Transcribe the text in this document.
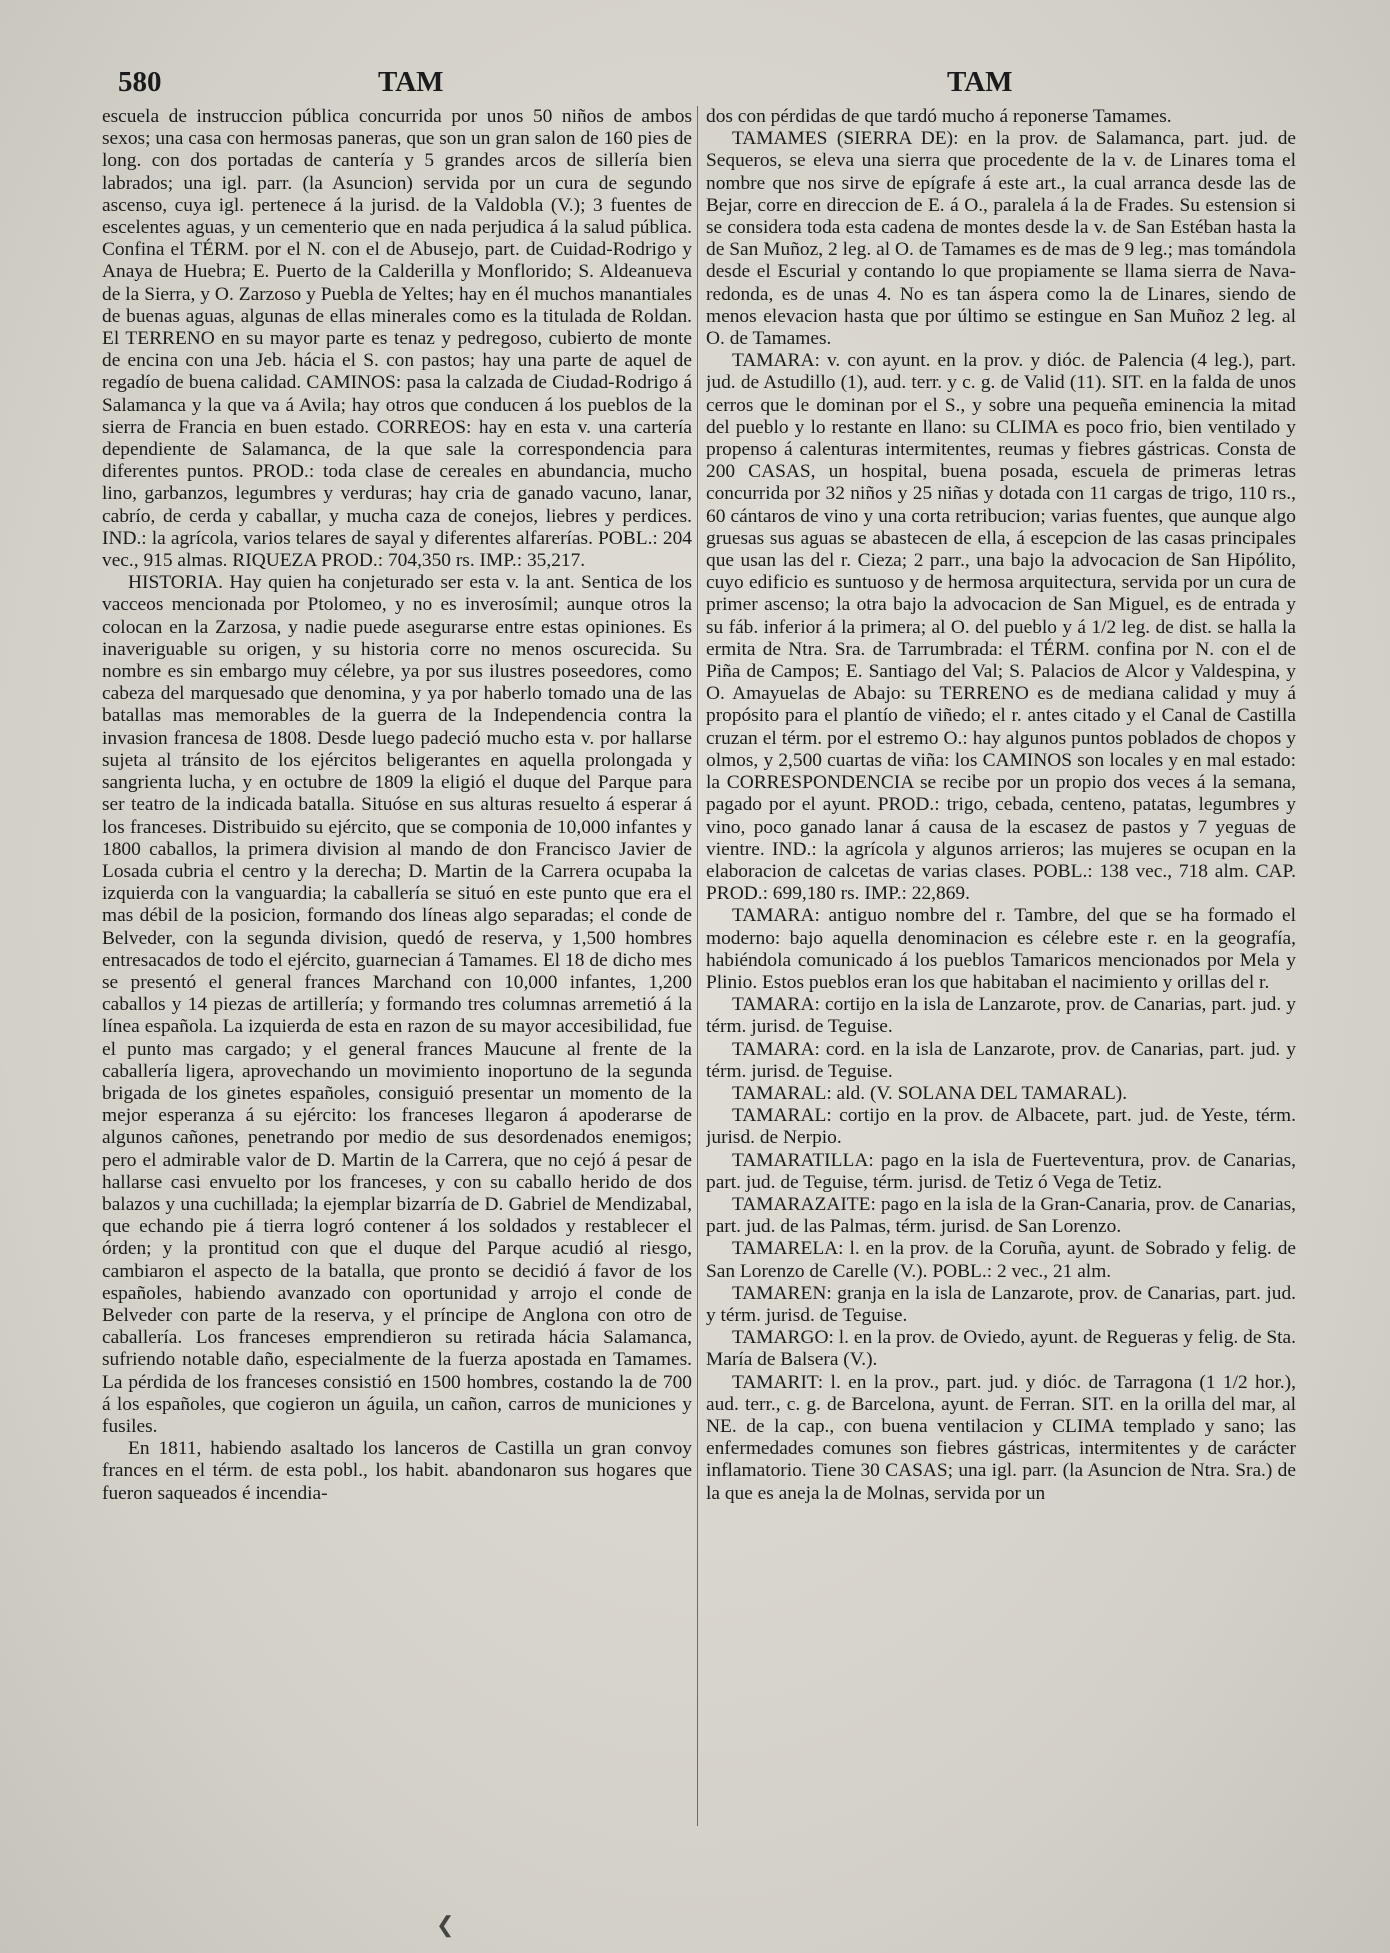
580	TAM	TAM

escuela de instruccion pública concurrida por unos 50 niños de ambos sexos; una casa con hermosas paneras, que son un gran salon de 160 pies de long. con dos portadas de cantería y 5 grandes arcos de sillería bien labrados; una igl. parr. (la Asuncion) servida por un cura de segundo ascenso, cuya igl. pertenece á la jurisd. de la Valdobla (V.); 3 fuentes de escelentes aguas, y un cementerio que en nada perjudica á la salud pública. Confina el TÉRM. por el N. con el de Abusejo, part. de Cuidad-Rodrigo y Anaya de Huebra; E. Puerto de la Calderilla y Monflorido; S. Aldeanueva de la Sierra, y O. Zarzoso y Puebla de Yeltes; hay en él muchos manantiales de buenas aguas, algunas de ellas minerales como es la titulada de Roldan. El TERRENO en su mayor parte es tenaz y pedregoso, cubierto de monte de encina con una Jeb. hácia el S. con pastos; hay una parte de aquel de regadío de buena calidad. CAMINOS: pasa la calzada de Ciudad-Rodrigo á Salamanca y la que va á Avila; hay otros que conducen á los pueblos de la sierra de Francia en buen estado. CORREOS: hay en esta v. una cartería dependiente de Salamanca, de la que sale la correspondencia para diferentes puntos. PROD.: toda clase de cereales en abundancia, mucho lino, garbanzos, legumbres y verduras; hay cria de ganado vacuno, lanar, cabrío, de cerda y caballar, y mucha caza de conejos, liebres y perdices. IND.: la agrícola, varios telares de sayal y diferentes alfarerías. POBL.: 204 vec., 915 almas. RIQUEZA PROD.: 704,350 rs. IMP.: 35,217.

HISTORIA. Hay quien ha conjeturado ser esta v. la ant. Sentica de los vacceos mencionada por Ptolomeo, y no es inverosímil; aunque otros la colocan en la Zarzosa, y nadie puede asegurarse entre estas opiniones. Es inaveriguable su origen, y su historia corre no menos oscurecida. Su nombre es sin embargo muy célebre, ya por sus ilustres poseedores, como cabeza del marquesado que denomina, y ya por haberlo tomado una de las batallas mas memorables de la guerra de la Independencia contra la invasion francesa de 1808. Desde luego padeció mucho esta v. por hallarse sujeta al tránsito de los ejércitos beligerantes en aquella prolongada y sangrienta lucha, y en octubre de 1809 la eligió el duque del Parque para ser teatro de la indicada batalla. Situóse en sus alturas resuelto á esperar á los franceses. Distribuido su ejército, que se componia de 10,000 infantes y 1800 caballos, la primera division al mando de don Francisco Javier de Losada cubria el centro y la derecha; D. Martin de la Carrera ocupaba la izquierda con la vanguardia; la caballería se situó en este punto que era el mas débil de la posicion, formando dos líneas algo separadas; el conde de Belveder, con la segunda division, quedó de reserva, y 1,500 hombres entresacados de todo el ejército, guarnecian á Tamames. El 18 de dicho mes se presentó el general frances Marchand con 10,000 infantes, 1,200 caballos y 14 piezas de artillería; y formando tres columnas arremetió á la línea española. La izquierda de esta en razon de su mayor accesibilidad, fue el punto mas cargado; y el general frances Maucune al frente de la caballería ligera, aprovechando un movimiento inoportuno de la segunda brigada de los ginetes españoles, consiguió presentar un momento de la mejor esperanza á su ejército: los franceses llegaron á apoderarse de algunos cañones, penetrando por medio de sus desordenados enemigos; pero el admirable valor de D. Martin de la Carrera, que no cejó á pesar de hallarse casi envuelto por los franceses, y con su caballo herido de dos balazos y una cuchillada; la ejemplar bizarría de D. Gabriel de Mendizabal, que echando pie á tierra logró contener á los soldados y restablecer el órden; y la prontitud con que el duque del Parque acudió al riesgo, cambiaron el aspecto de la batalla, que pronto se decidió á favor de los españoles, habiendo avanzado con oportunidad y arrojo el conde de Belveder con parte de la reserva, y el príncipe de Anglona con otro de caballería. Los franceses emprendieron su retirada hácia Salamanca, sufriendo notable daño, especialmente de la fuerza apostada en Tamames. La pérdida de los franceses consistió en 1500 hombres, costando la de 700 á los españoles, que cogieron un águila, un cañon, carros de municiones y fusiles.

En 1811, habiendo asaltado los lanceros de Castilla un gran convoy frances en el térm. de esta pobl., los habit. abandonaron sus hogares que fueron saqueados é incendia-

dos con pérdidas de que tardó mucho á reponerse Tamames.

TAMAMES (SIERRA DE): en la prov. de Salamanca, part. jud. de Sequeros, se eleva una sierra que procedente de la v. de Linares toma el nombre que nos sirve de epígrafe á este art., la cual arranca desde las de Bejar, corre en direccion de E. á O., paralela á la de Frades. Su estension si se considera toda esta cadena de montes desde la v. de San Estéban hasta la de San Muñoz, 2 leg. al O. de Tamames es de mas de 9 leg.; mas tomándola desde el Escurial y contando lo que propiamente se llama sierra de Nava-redonda, es de unas 4. No es tan áspera como la de Linares, siendo de menos elevacion hasta que por último se estingue en San Muñoz 2 leg. al O. de Tamames.

TAMARA: v. con ayunt. en la prov. y dióc. de Palencia (4 leg.), part. jud. de Astudillo (1), aud. terr. y c. g. de Valid (11). SIT. en la falda de unos cerros que le dominan por el S., y sobre una pequeña eminencia la mitad del pueblo y lo restante en llano: su CLIMA es poco frio, bien ventilado y propenso á calenturas intermitentes, reumas y fiebres gástricas. Consta de 200 CASAS, un hospital, buena posada, escuela de primeras letras concurrida por 32 niños y 25 niñas y dotada con 11 cargas de trigo, 110 rs., 60 cántaros de vino y una corta retribucion; varias fuentes, que aunque algo gruesas sus aguas se abastecen de ella, á escepcion de las casas principales que usan las del r. Cieza; 2 parr., una bajo la advocacion de San Hipólito, cuyo edificio es suntuoso y de hermosa arquitectura, servida por un cura de primer ascenso; la otra bajo la advocacion de San Miguel, es de entrada y su fáb. inferior á la primera; al O. del pueblo y á 1/2 leg. de dist. se halla la ermita de Ntra. Sra. de Tarrumbrada: el TÉRM. confina por N. con el de Piña de Campos; E. Santiago del Val; S. Palacios de Alcor y Valdespina, y O. Amayuelas de Abajo: su TERRENO es de mediana calidad y muy á propósito para el plantío de viñedo; el r. antes citado y el Canal de Castilla cruzan el térm. por el estremo O.: hay algunos puntos poblados de chopos y olmos, y 2,500 cuartas de viña: los CAMINOS son locales y en mal estado: la CORRESPONDENCIA se recibe por un propio dos veces á la semana, pagado por el ayunt. PROD.: trigo, cebada, centeno, patatas, legumbres y vino, poco ganado lanar á causa de la escasez de pastos y 7 yeguas de vientre. IND.: la agrícola y algunos arrieros; las mujeres se ocupan en la elaboracion de calcetas de varias clases. POBL.: 138 vec., 718 alm. CAP. PROD.: 699,180 rs. IMP.: 22,869.

TAMARA: antiguo nombre del r. Tambre, del que se ha formado el moderno: bajo aquella denominacion es célebre este r. en la geografía, habiéndola comunicado á los pueblos Tamaricos mencionados por Mela y Plinio. Estos pueblos eran los que habitaban el nacimiento y orillas del r.

TAMARA: cortijo en la isla de Lanzarote, prov. de Canarias, part. jud. y térm. jurisd. de Teguise.

TAMARA: cord. en la isla de Lanzarote, prov. de Canarias, part. jud. y térm. jurisd. de Teguise.

TAMARAL: ald. (V. SOLANA DEL TAMARAL).

TAMARAL: cortijo en la prov. de Albacete, part. jud. de Yeste, térm. jurisd. de Nerpio.

TAMARATILLA: pago en la isla de Fuerteventura, prov. de Canarias, part. jud. de Teguise, térm. jurisd. de Tetiz ó Vega de Tetiz.

TAMARAZAITE: pago en la isla de la Gran-Canaria, prov. de Canarias, part. jud. de las Palmas, térm. jurisd. de San Lorenzo.

TAMARELA: l. en la prov. de la Coruña, ayunt. de Sobrado y felig. de San Lorenzo de Carelle (V.). POBL.: 2 vec., 21 alm.

TAMAREN: granja en la isla de Lanzarote, prov. de Canarias, part. jud. y térm. jurisd. de Teguise.

TAMARGO: l. en la prov. de Oviedo, ayunt. de Regueras y felig. de Sta. María de Balsera (V.).

TAMARIT: l. en la prov., part. jud. y dióc. de Tarragona (1 1/2 hor.), aud. terr., c. g. de Barcelona, ayunt. de Ferran. SIT. en la orilla del mar, al NE. de la cap., con buena ventilacion y CLIMA templado y sano; las enfermedades comunes son fiebres gástricas, intermitentes y de carácter inflamatorio. Tiene 30 CASAS; una igl. parr. (la Asuncion de Ntra. Sra.) de la que es aneja la de Molnas, servida por un

❮
